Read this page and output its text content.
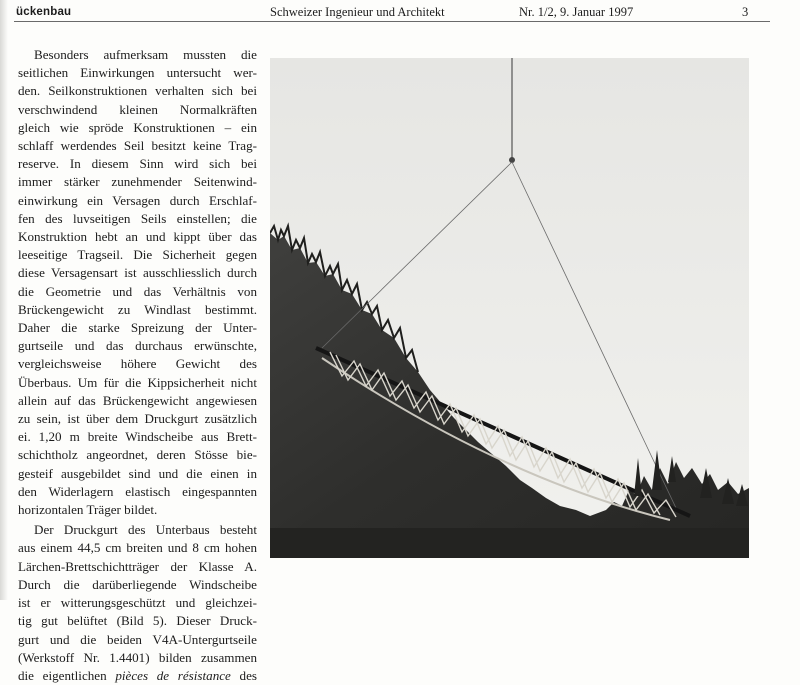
ückenbau	Schweizer Ingenieur und Architekt	Nr. 1/2, 9. Januar 1997	3

Besonders aufmerksam mussten die
seitlichen Einwirkungen untersucht wer-
den. Seilkonstruktionen verhalten sich bei
verschwindend kleinen Normalkräften
gleich wie spröde Konstruktionen – ein
schlaff werdendes Seil besitzt keine Trag-
reserve. In diesem Sinn wird sich bei
immer stärker zunehmender Seitenwind-
einwirkung ein Versagen durch Erschlaf-
fen des luvseitigen Seils einstellen; die
Konstruktion hebt an und kippt über das
leeseitige Tragseil. Die Sicherheit gegen
diese Versagensart ist ausschliesslich durch
die Geometrie und das Verhältnis von
Brückengewicht zu Windlast bestimmt.
Daher die starke Spreizung der Unter-
gurtseile und das durchaus erwünschte,
vergleichsweise höhere Gewicht des
Überbaus. Um für die Kippsicherheit nicht
allein auf das Brückengewicht angewiesen
zu sein, ist über dem Druckgurt zusätzlich
ei. 1,20 m breite Windscheibe aus Brett-
schichtholz angeordnet, deren Stösse bie-
gesteif ausgebildet sind und die einen in
den Widerlagern elastisch eingespannten
horizontalen Träger bildet.

Der Druckgurt des Unterbaus besteht
aus einem 44,5 cm breiten und 8 cm hohen
Lärchen-Brettschichtträger der Klasse A.
Durch die darüberliegende Windscheibe
ist er witterungsgeschützt und gleichzei-
tig gut belüftet (Bild 5). Dieser Druck-
gurt und die beiden V4A-Untergurtseile
(Werkstoff Nr. 1.4401) bilden zusammen
die eigentlichen pièces de résistance des
